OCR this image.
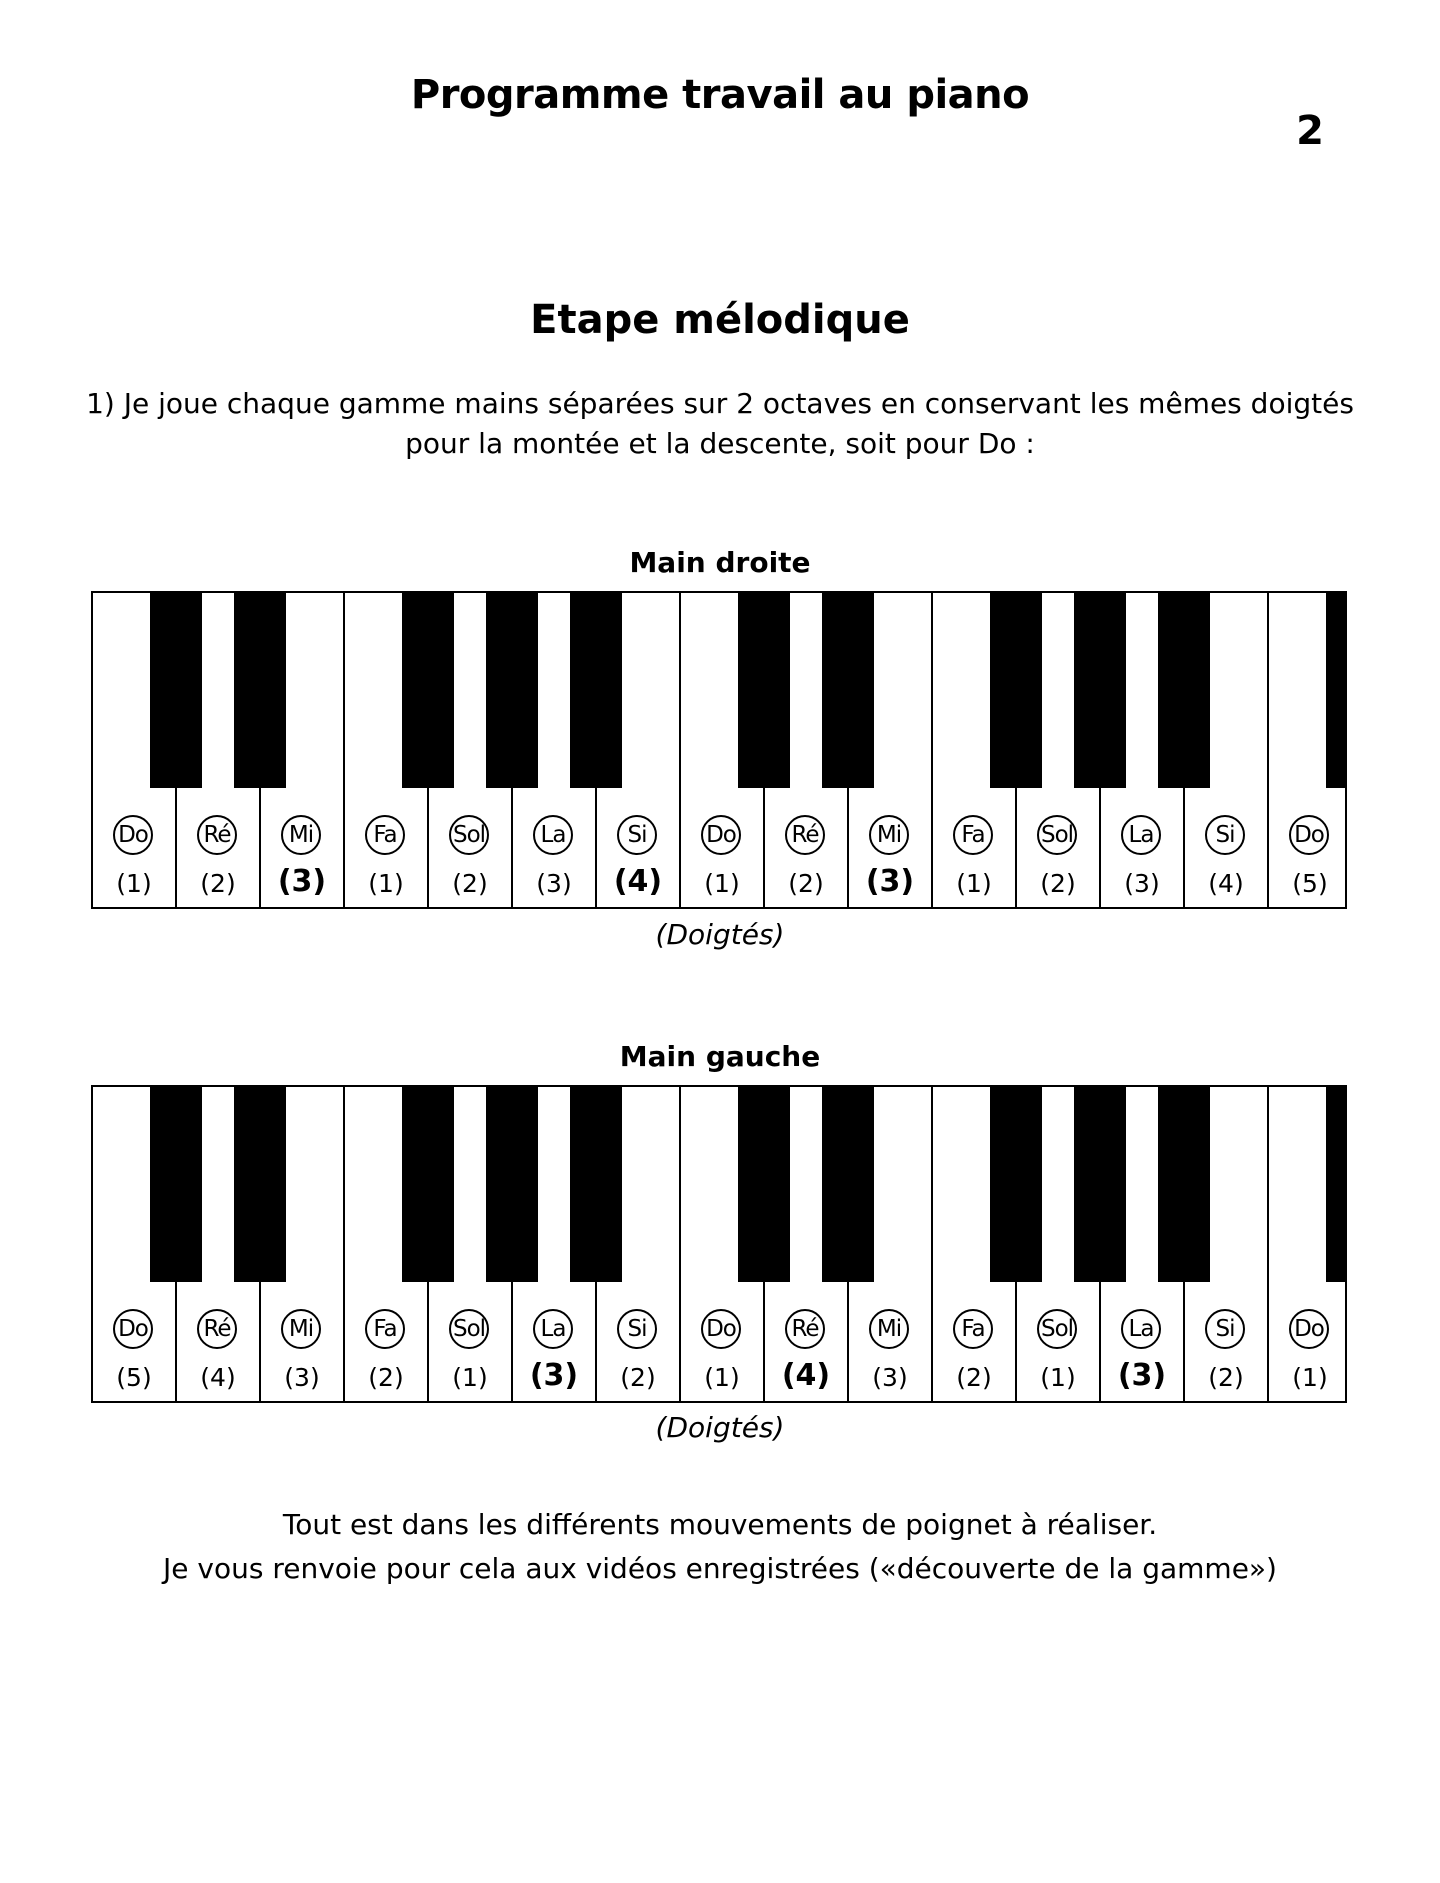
Programme travail au piano
2
Etape mélodique
1) Je joue chaque gamme mains séparées sur 2 octaves en conservant les mêmes doigtés
pour la montée et la descente, soit pour Do :
Main droite
Do
(1)
Ré
(2)
Mi
(3)
Fa
(1)
Sol
(2)
La
(3)
Si
(4)
Do
(1)
Ré
(2)
Mi
(3)
Fa
(1)
Sol
(2)
La
(3)
Si
(4)
Do
(5)
(Doigtés)
Main gauche
Do
(5)
Ré
(4)
Mi
(3)
Fa
(2)
Sol
(1)
La
(3)
Si
(2)
Do
(1)
Ré
(4)
Mi
(3)
Fa
(2)
Sol
(1)
La
(3)
Si
(2)
Do
(1)
(Doigtés)
Tout est dans les différents mouvements de poignet à réaliser.
Je vous renvoie pour cela aux vidéos enregistrées («découverte de la gamme»)
